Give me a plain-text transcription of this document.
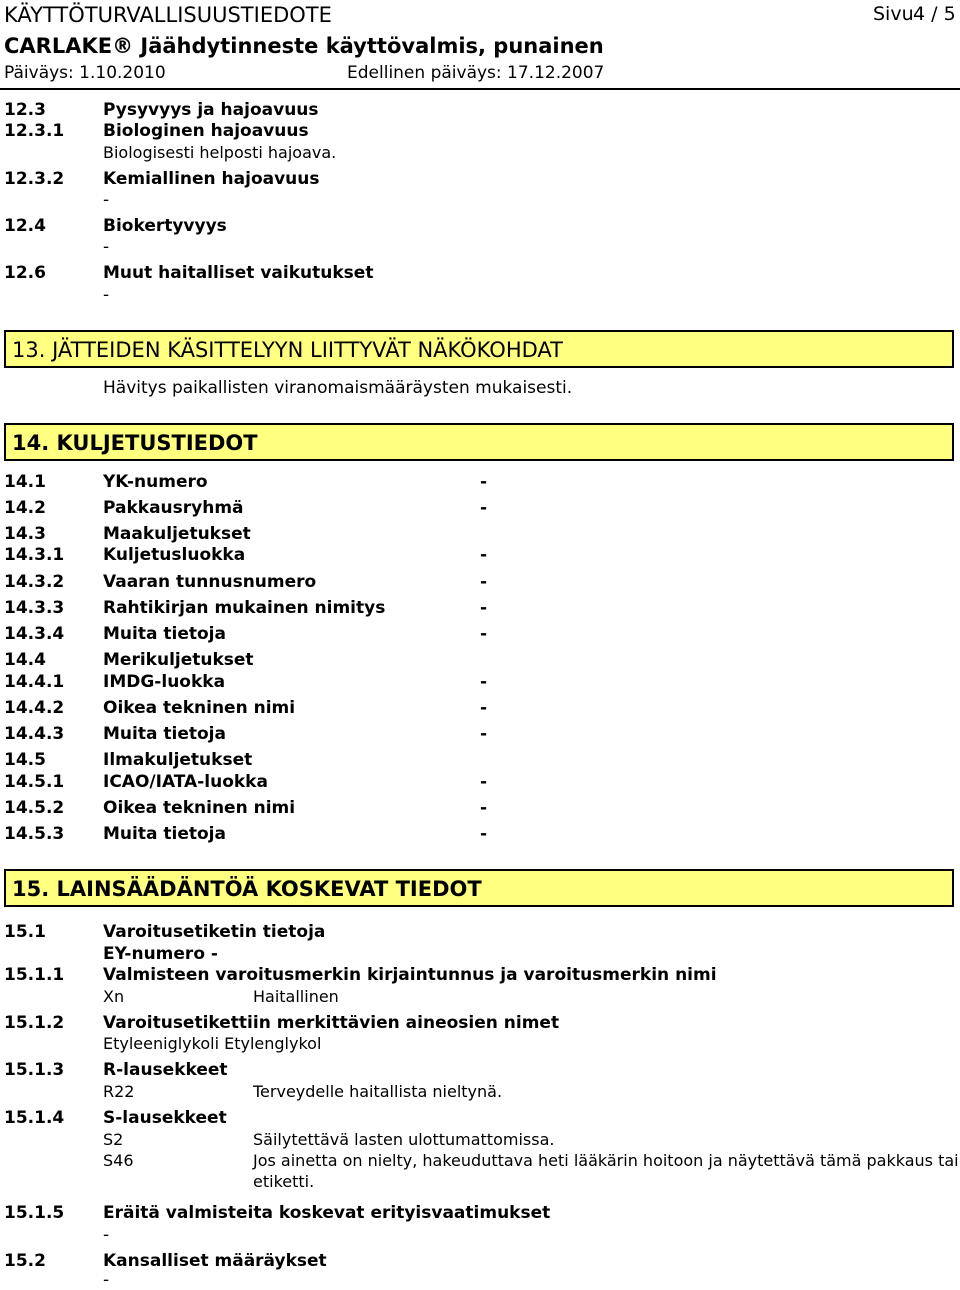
KÄYTTÖTURVALLISUUSTIEDOTE	Sivu 4 / 5
CARLAKE® Jäähdytinneste käyttövalmis, punainen
Päiväys: 1.10.2010	Edellinen päiväys: 17.12.2007
12.3	Pysyvyys ja hajoavuus
12.3.1 Biologinen hajoavuus
Biologisesti helposti hajoava.
12.3.2 Kemiallinen hajoavuus
-
12.4	Biokertyvyys
-
12.6	Muut haitalliset vaikutukset
-
13. JÄTTEIDEN KÄSITTELYYN LIITTYVÄT NÄKÖKOHDAT
Hävitys paikallisten viranomaismääräysten mukaisesti.
14. KULJETUSTIEDOT
14.1	YK-numero	-
14.2	Pakkausryhmä	-
14.3	Maakuljetukset
14.3.1 Kuljetusluokka	-
14.3.2 Vaaran tunnusnumero	-
14.3.3 Rahtikirjan mukainen nimitys	-
14.3.4 Muita tietoja	-
14.4	Merikuljetukset
14.4.1 IMDG-luokka	-
14.4.2 Oikea tekninen nimi	-
14.4.3 Muita tietoja	-
14.5	Ilmakuljetukset
14.5.1 ICAO/IATA-luokka	-
14.5.2 Oikea tekninen nimi	-
14.5.3 Muita tietoja	-
15. LAINSÄÄDÄNTÖÄ KOSKEVAT TIEDOT
15.1	Varoitusetiketin tietoja
EY-numero -
15.1.1 Valmisteen varoitusmerkin kirjaintunnus ja varoitusmerkin nimi
Xn	Haitallinen
15.1.2 Varoitusetikettiin merkittävien aineosien nimet
Etyleeniglykoli Etylenglykol
15.1.3 R-lausekkeet
R22	Terveydelle haitallista nieltynä.
15.1.4 S-lausekkeet
S2	Säilytettävä lasten ulottumattomissa.
S46	Jos ainetta on nielty, hakeuduttava heti lääkärin hoitoon ja näytettävä tämä pakkaus tai
etiketti.
15.1.5 Eräitä valmisteita koskevat erityisvaatimukset
-
15.2	Kansalliset määräykset
-
